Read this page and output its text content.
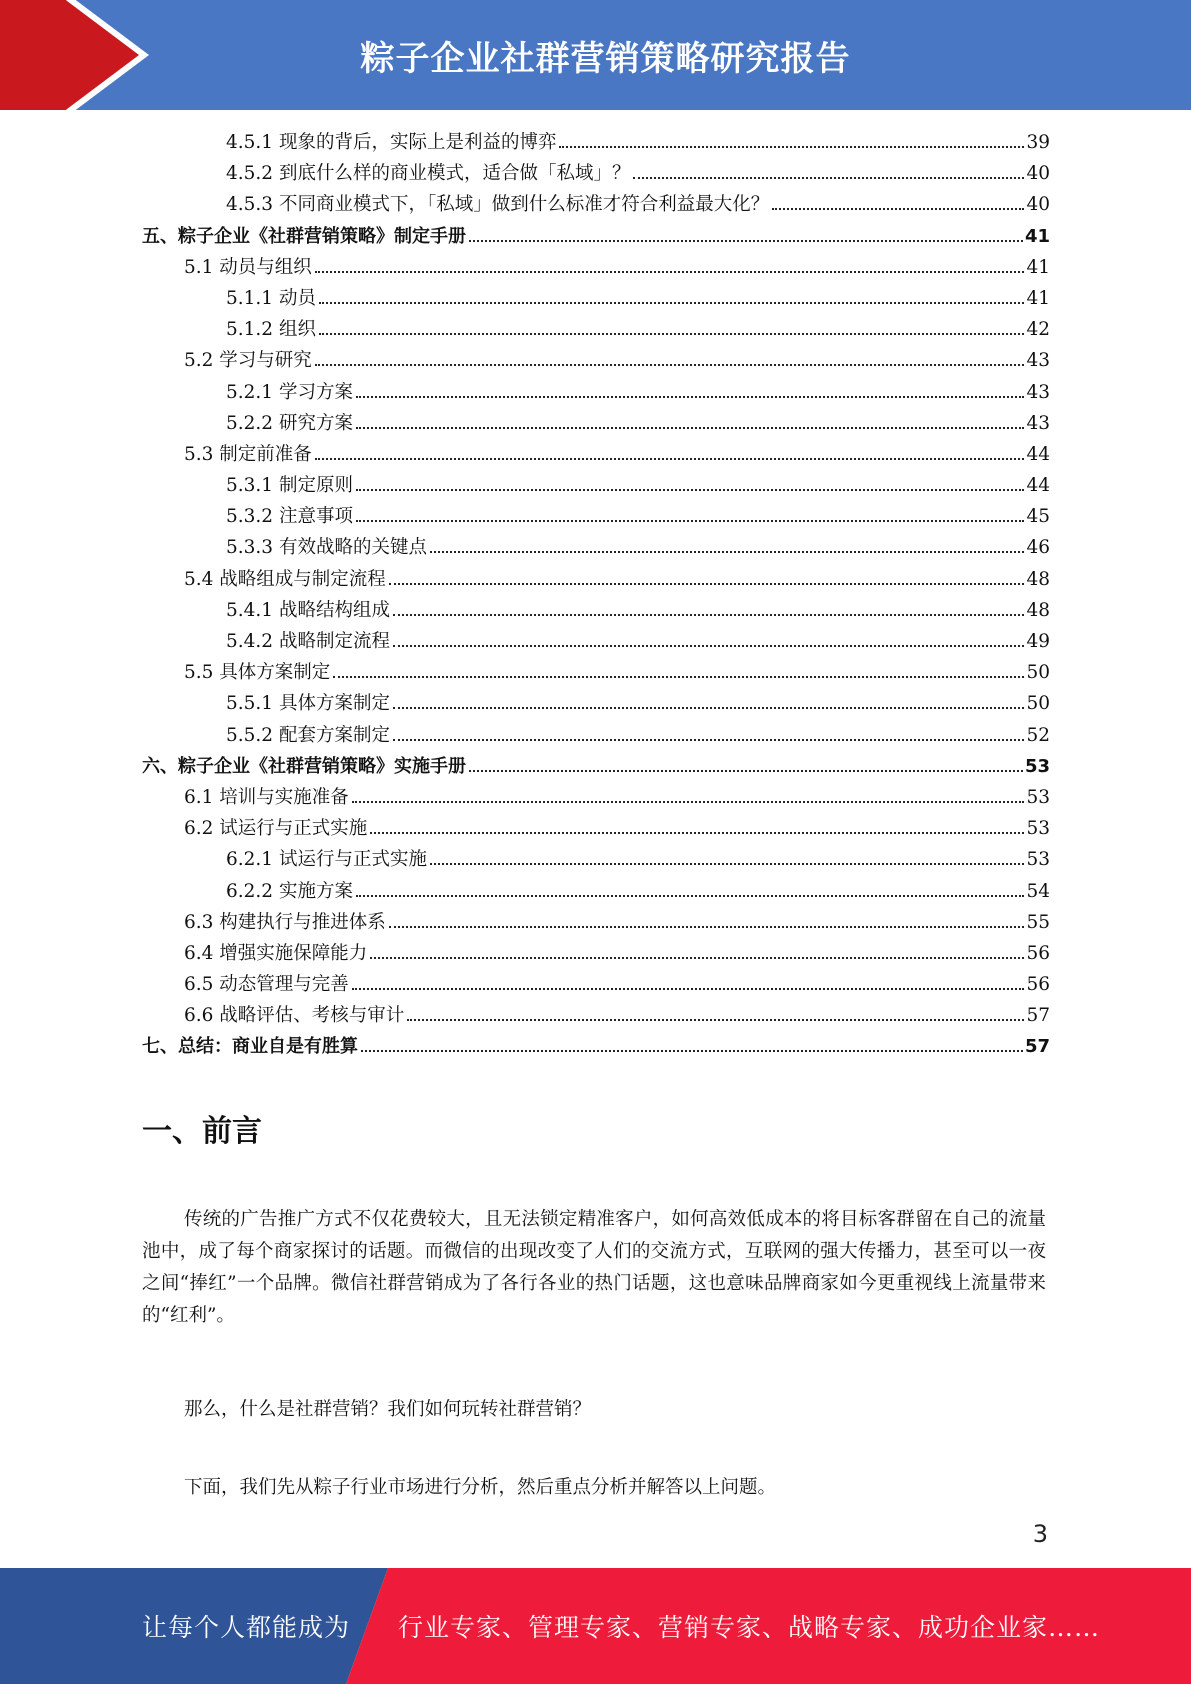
粽子企业社群营销策略研究报告
4.5.1 现象的背后，实际上是利益的博弈	39
4.5.2 到底什么样的商业模式，适合做「私域」？	40
4.5.3 不同商业模式下，「私域」做到什么标准才符合利益最大化？	40
五、粽子企业《社群营销策略》制定手册	41
5.1 动员与组织	41
5.1.1 动员	41
5.1.2 组织	42
5.2 学习与研究	43
5.2.1 学习方案	43
5.2.2 研究方案	43
5.3 制定前准备	44
5.3.1 制定原则	44
5.3.2 注意事项	45
5.3.3 有效战略的关键点	46
5.4 战略组成与制定流程	48
5.4.1 战略结构组成	48
5.4.2 战略制定流程	49
5.5 具体方案制定	50
5.5.1 具体方案制定	50
5.5.2 配套方案制定	52
六、粽子企业《社群营销策略》实施手册	53
6.1 培训与实施准备	53
6.2 试运行与正式实施	53
6.2.1 试运行与正式实施	53
6.2.2 实施方案	54
6.3 构建执行与推进体系	55
6.4 增强实施保障能力	56
6.5 动态管理与完善	56
6.6 战略评估、考核与审计	57
七、总结：商业自是有胜算	57
一、前言

传统的广告推广方式不仅花费较大，且无法锁定精准客户，如何高效低成本的将目标客群留在自己的流量池中，成了每个商家探讨的话题。而微信的出现改变了人们的交流方式，互联网的强大传播力，甚至可以一夜之间“捧红”一个品牌。微信社群营销成为了各行各业的热门话题，这也意味品牌商家如今更重视线上流量带来的“红利”。

那么，什么是社群营销？我们如何玩转社群营销？

下面，我们先从粽子行业市场进行分析，然后重点分析并解答以上问题。

3
让每个人都能成为 行业专家、管理专家、营销专家、战略专家、成功企业家……
